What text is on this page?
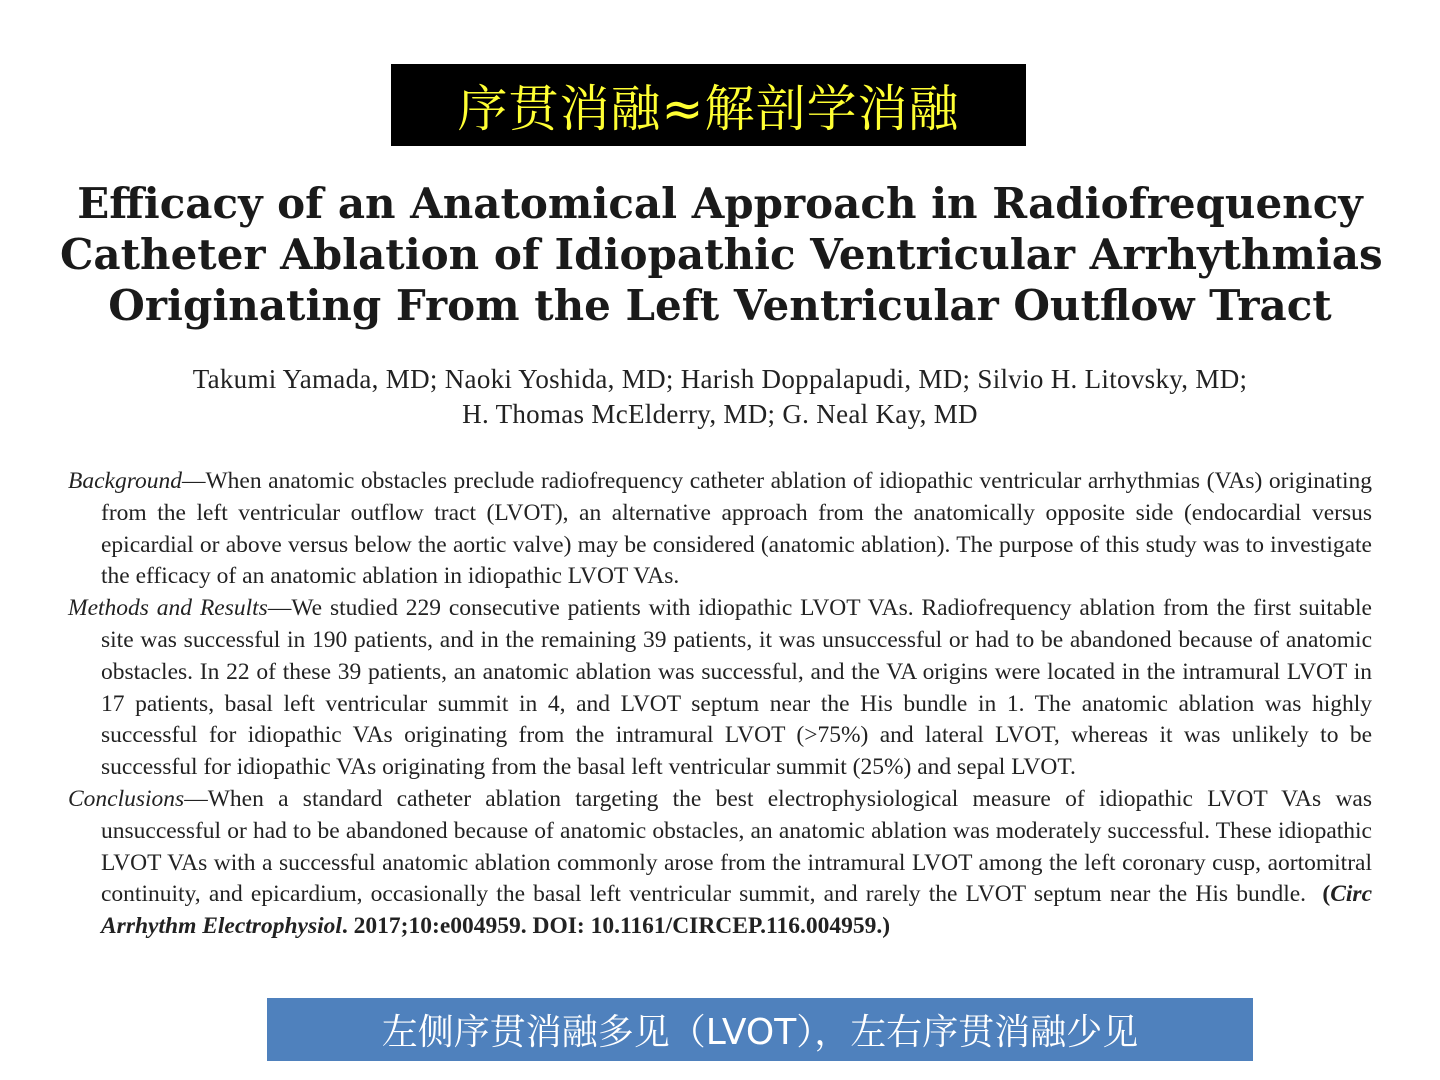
序贯消融≈解剖学消融
Efficacy of an Anatomical Approach in Radiofrequency
Catheter Ablation of Idiopathic Ventricular Arrhythmias
Originating From the Left Ventricular Outflow Tract
Takumi Yamada, MD; Naoki Yoshida, MD; Harish Doppalapudi, MD; Silvio H. Litovsky, MD;
H. Thomas McElderry, MD; G. Neal Kay, MD
Background—When anatomic obstacles preclude radiofrequency catheter ablation of idiopathic ventricular arrhythmias (VAs) originating from the left ventricular outflow tract (LVOT), an alternative approach from the anatomically opposite side (endocardial versus epicardial or above versus below the aortic valve) may be considered (anatomic ablation). The purpose of this study was to investigate the efficacy of an anatomic ablation in idiopathic LVOT VAs.
Methods and Results—We studied 229 consecutive patients with idiopathic LVOT VAs. Radiofrequency ablation from the first suitable site was successful in 190 patients, and in the remaining 39 patients, it was unsuccessful or had to be abandoned because of anatomic obstacles. In 22 of these 39 patients, an anatomic ablation was successful, and the VA origins were located in the intramural LVOT in 17 patients, basal left ventricular summit in 4, and LVOT septum near the His bundle in 1. The anatomic ablation was highly successful for idiopathic VAs originating from the intramural LVOT (>75%) and lateral LVOT, whereas it was unlikely to be successful for idiopathic VAs originating from the basal left ventricular summit (25%) and sepal LVOT.
Conclusions—When a standard catheter ablation targeting the best electrophysiological measure of idiopathic LVOT VAs was unsuccessful or had to be abandoned because of anatomic obstacles, an anatomic ablation was moderately successful. These idiopathic LVOT VAs with a successful anatomic ablation commonly arose from the intramural LVOT among the left coronary cusp, aortomitral continuity, and epicardium, occasionally the basal left ventricular summit, and rarely the LVOT septum near the His bundle. (Circ Arrhythm Electrophysiol. 2017;10:e004959. DOI: 10.1161/CIRCEP.116.004959.)
左侧序贯消融多见（LVOT），左右序贯消融少见
